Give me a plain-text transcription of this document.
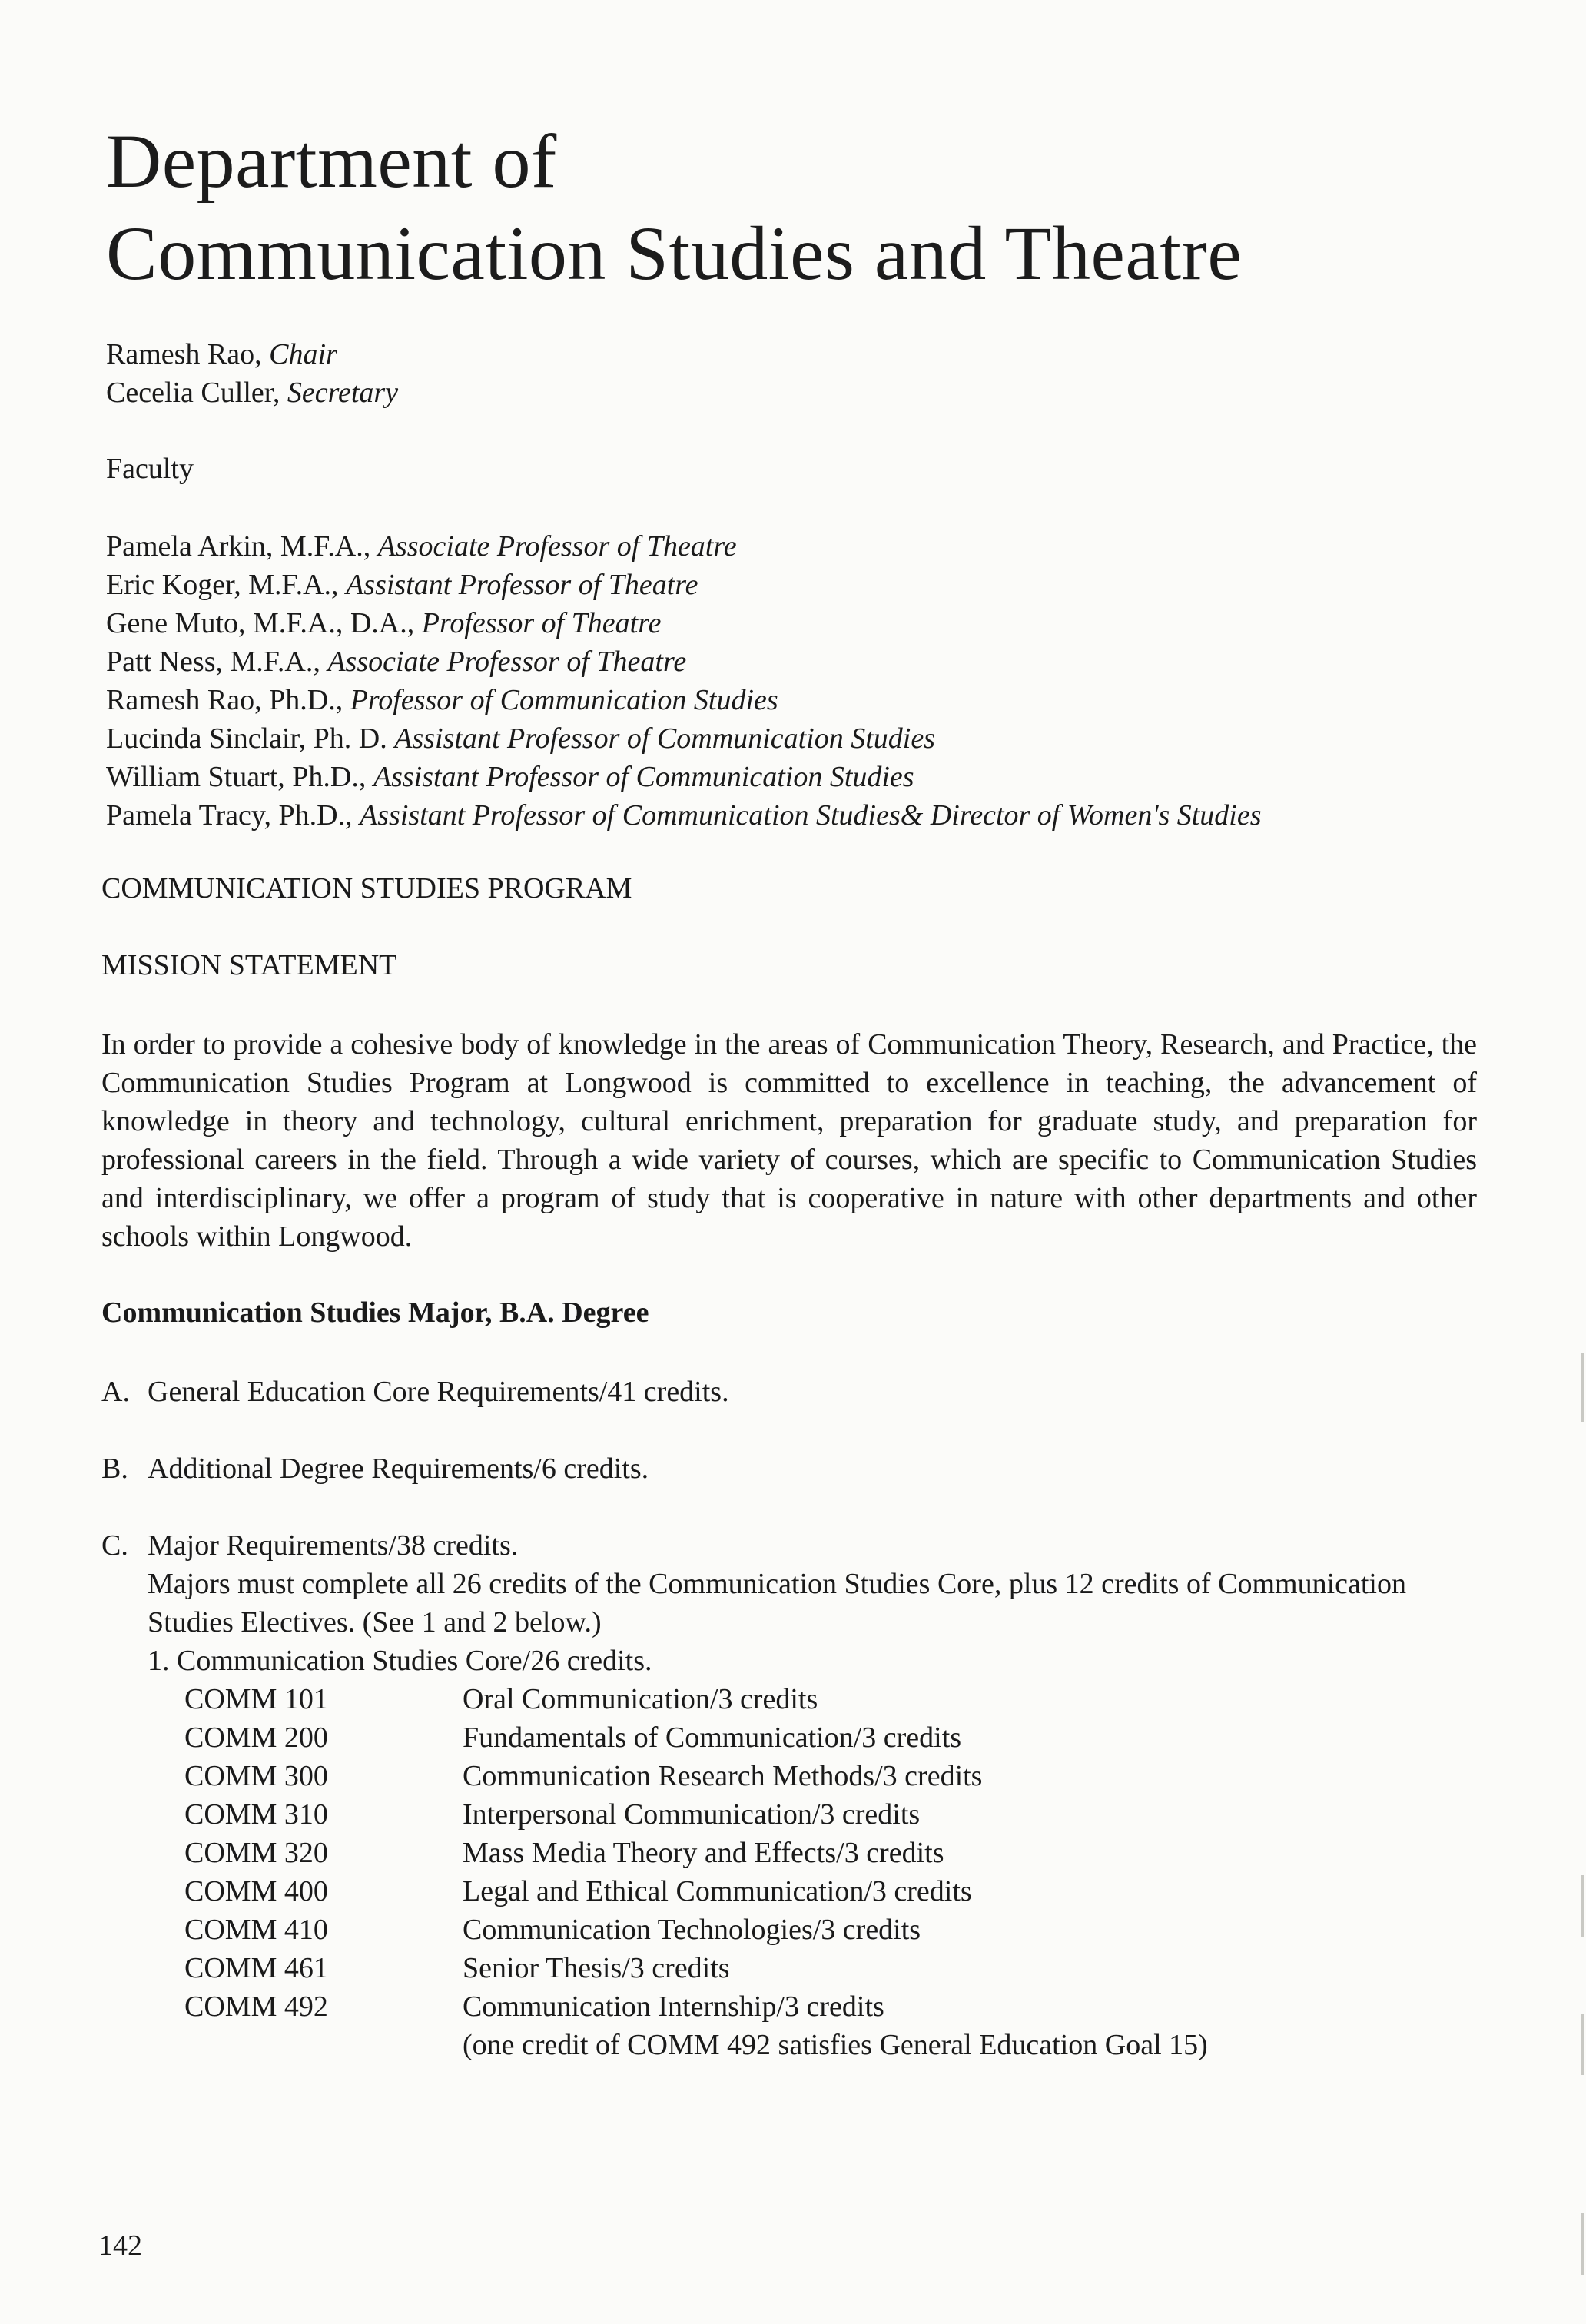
Department of
Communication Studies and Theatre
Ramesh Rao, Chair
Cecelia Culler, Secretary
Faculty
Pamela Arkin, M.F.A., Associate Professor of Theatre
Eric Koger, M.F.A., Assistant Professor of Theatre
Gene Muto, M.F.A., D.A., Professor of Theatre
Patt Ness, M.F.A., Associate Professor of Theatre
Ramesh Rao, Ph.D., Professor of Communication Studies
Lucinda Sinclair, Ph. D. Assistant Professor of Communication Studies
William Stuart, Ph.D., Assistant Professor of Communication Studies
Pamela Tracy, Ph.D., Assistant Professor of Communication Studies& Director of Women's Studies
COMMUNICATION STUDIES PROGRAM
MISSION STATEMENT

In order to provide a cohesive body of knowledge in the areas of Communication Theory, Research, and Practice, the Communication Studies Program at Longwood is committed to excellence in teaching, the advancement of knowledge in theory and technology, cultural enrichment, preparation for graduate study, and preparation for professional careers in the field. Through a wide variety of courses, which are specific to Communication Studies and interdisciplinary, we offer a program of study that is cooperative in nature with other departments and other schools within Longwood.

Communication Studies Major, B.A. Degree
A. General Education Core Requirements/41 credits.
B. Additional Degree Requirements/6 credits.
C. Major Requirements/38 credits.

Majors must complete all 26 credits of the Communication Studies Core, plus 12 credits of Communication Studies Electives. (See 1 and 2 below.)

1. Communication Studies Core/26 credits.
COMM 101	Oral Communication/3 credits
COMM 200	Fundamentals of Communication/3 credits
COMM 300	Communication Research Methods/3 credits
COMM 310	Interpersonal Communication/3 credits
COMM 320	Mass Media Theory and Effects/3 credits
COMM 400	Legal and Ethical Communication/3 credits
COMM 410	Communication Technologies/3 credits
COMM 461	Senior Thesis/3 credits
COMM 492	Communication Internship/3 credits
(one credit of COMM 492 satisfies General Education Goal 15)
142
